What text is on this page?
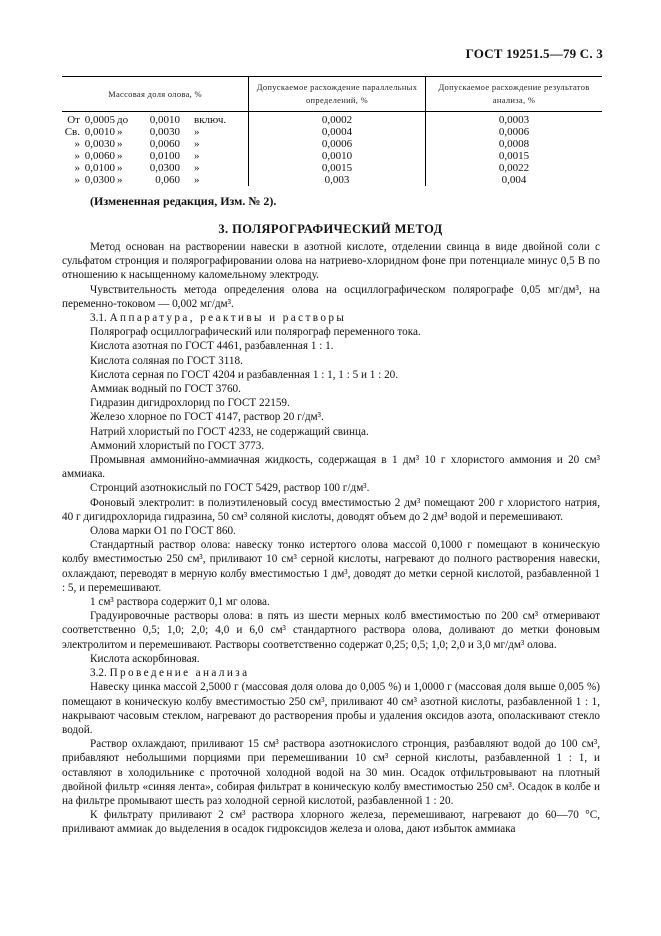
ГОСТ 19251.5—79 С. 3
Массовая доля олова, %	Допускаемое расхождение параллельных определений, %	Допускаемое расхождение результатов анализа, %
От 0,0005 до 0,0010 включ.	0,0002	0,0003
Св. 0,0010 » 0,0030 »	0,0004	0,0006
» 0,0030 » 0,0060 »	0,0006	0,0008
» 0,0060 » 0,0100 »	0,0010	0,0015
» 0,0100 » 0,0300 »	0,0015	0,0022
» 0,0300 » 0,060 »	0,003	0,004
(Измененная редакция, Изм. № 2).
3. ПОЛЯРОГРАФИЧЕСКИЙ МЕТОД

Метод основан на растворении навески в азотной кислоте, отделении свинца в виде двойной соли с сульфатом стронция и полярографировании олова на натриево-хлоридном фоне при потенциале минус 0,5 В по отношению к насыщенному каломельному электроду.

Чувствительность метода определения олова на осциллографическом полярографе 0,05 мг/дм³, на переменно-токовом — 0,002 мг/дм³.

3.1. Аппаратура, реактивы и растворы

Полярограф осциллографический или полярограф переменного тока.

Кислота азотная по ГОСТ 4461, разбавленная 1 : 1.

Кислота соляная по ГОСТ 3118.

Кислота серная по ГОСТ 4204 и разбавленная 1 : 1, 1 : 5 и 1 : 20.

Аммиак водный по ГОСТ 3760.

Гидразин дигидрохлорид по ГОСТ 22159.

Железо хлорное по ГОСТ 4147, раствор 20 г/дм³.

Натрий хлористый по ГОСТ 4233, не содержащий свинца.

Аммоний хлористый по ГОСТ 3773.

Промывная аммонийно-аммиачная жидкость, содержащая в 1 дм³ 10 г хлористого аммония и 20 см³ аммиака.

Стронций азотнокислый по ГОСТ 5429, раствор 100 г/дм³.

Фоновый электролит: в полиэтиленовый сосуд вместимостью 2 дм³ помещают 200 г хлористого натрия, 40 г дигидрохлорида гидразина, 50 см³ соляной кислоты, доводят объем до 2 дм³ водой и перемешивают.

Олова марки О1 по ГОСТ 860.

Стандартный раствор олова: навеску тонко истертого олова массой 0,1000 г помещают в коническую колбу вместимостью 250 см³, приливают 10 см³ серной кислоты, нагревают до полного растворения навески, охлаждают, переводят в мерную колбу вместимостью 1 дм³, доводят до метки серной кислотой, разбавленной 1 : 5, и перемешивают.

1 см³ раствора содержит 0,1 мг олова.

Градуировочные растворы олова: в пять из шести мерных колб вместимостью по 200 см³ отмеривают соответственно 0,5; 1,0; 2,0; 4,0 и 6,0 см³ стандартного раствора олова, доливают до метки фоновым электролитом и перемешивают. Растворы соответственно содержат 0,25; 0,5; 1,0; 2,0 и 3,0 мг/дм³ олова.

Кислота аскорбиновая.

3.2. Проведение анализа

Навеску цинка массой 2,5000 г (массовая доля олова до 0,005 %) и 1,0000 г (массовая доля выше 0,005 %) помещают в коническую колбу вместимостью 250 см³, приливают 40 см³ азотной кислоты, разбавленной 1 : 1, накрывают часовым стеклом, нагревают до растворения пробы и удаления оксидов азота, ополаскивают стекло водой.

Раствор охлаждают, приливают 15 см³ раствора азотнокислого стронция, разбавляют водой до 100 см³, прибавляют небольшими порциями при перемешивании 10 см³ серной кислоты, разбавленной 1 : 1, и оставляют в холодильнике с проточной холодной водой на 30 мин. Осадок отфильтровывают на плотный двойной фильтр «синяя лента», собирая фильтрат в коническую колбу вместимостью 250 см³. Осадок в колбе и на фильтре промывают шесть раз холодной серной кислотой, разбавленной 1 : 20.

К фильтрату приливают 2 см³ раствора хлорного железа, перемешивают, нагревают до 60—70 °С, приливают аммиак до выделения в осадок гидроксидов железа и олова, дают избыток аммиака
